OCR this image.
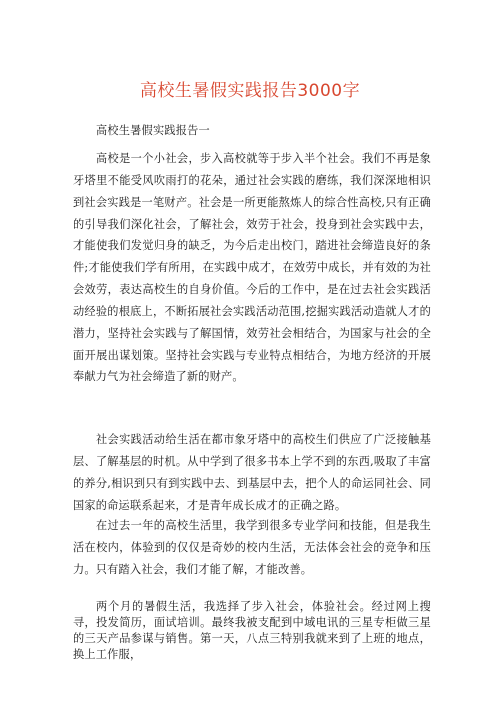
高校生暑假实践报告3000字
高校生暑假实践报告一
高校是一个小社会，步入高校就等于步入半个社会。我们不再是象牙塔里不能受风吹雨打的花朵，通过社会实践的磨练，我们深深地相识到社会实践是一笔财产。社会是一所更能熬炼人的综合性高校,只有正确的引导我们深化社会，了解社会，效劳于社会，投身到社会实践中去，才能使我们发觉归身的缺乏，为今后走出校门，踏进社会缔造良好的条件;才能使我们学有所用，在实践中成才，在效劳中成长，并有效的为社会效劳，表达高校生的自身价值。今后的工作中，是在过去社会实践活动经验的根底上，不断拓展社会实践活动范围,挖掘实践活动造就人才的潜力，坚持社会实践与了解国情，效劳社会相结合，为国家与社会的全面开展出谋划策。坚持社会实践与专业特点相结合，为地方经济的开展奉献力气为社会缔造了新的财产。
社会实践活动给生活在都市象牙塔中的高校生们供应了广泛接触基层、了解基层的时机。从中学到了很多书本上学不到的东西,吸取了丰富的养分,相识到只有到实践中去、到基层中去，把个人的命运同社会、同国家的命运联系起来，才是青年成长成才的正确之路。
在过去一年的高校生活里，我学到很多专业学问和技能，但是我生活在校内，体验到的仅仅是奇妙的校内生活，无法体会社会的竞争和压力。只有踏入社会，我们才能了解，才能改善。
两个月的暑假生活，我选择了步入社会，体验社会。经过网上搜寻，投发简历，面试培训。最终我被支配到中域电讯的三星专柜做三星的三天产品参谋与销售。第一天，八点三特别我就来到了上班的地点，换上工作服，
